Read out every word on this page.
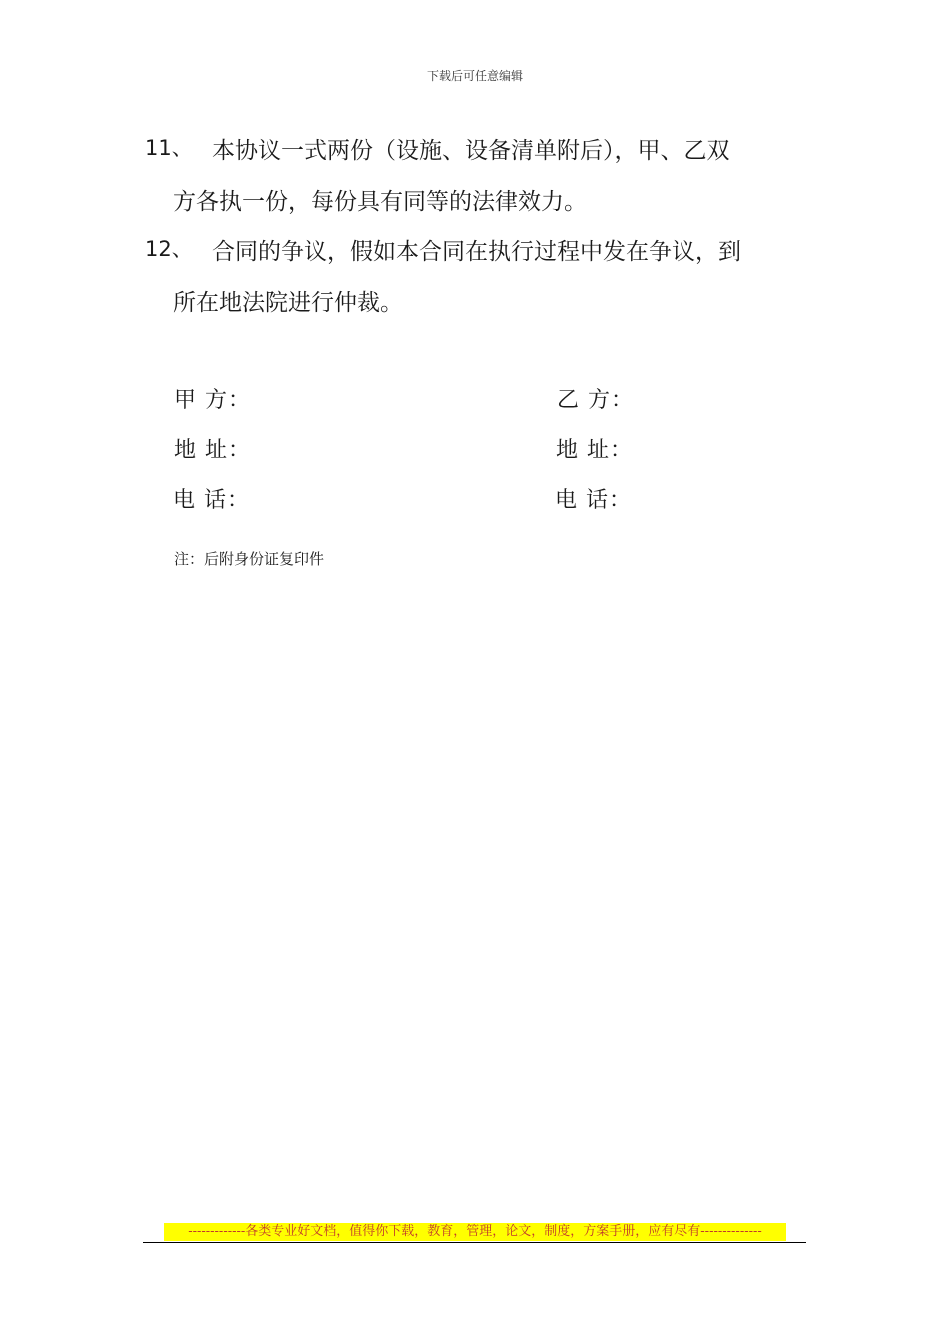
下载后可任意编辑
11、 本协议一式两份（设施、设备清单附后），甲、乙双
方各执一份，每份具有同等的法律效力。
12、 合同的争议，假如本合同在执行过程中发在争议，到
所在地法院进行仲裁。
甲 方：
地 址：
电 话：
乙 方：
地 址：
电 话：
注：后附身份证复印件
-------------各类专业好文档，值得你下载，教育，管理，论文，制度，方案手册，应有尽有--------------
